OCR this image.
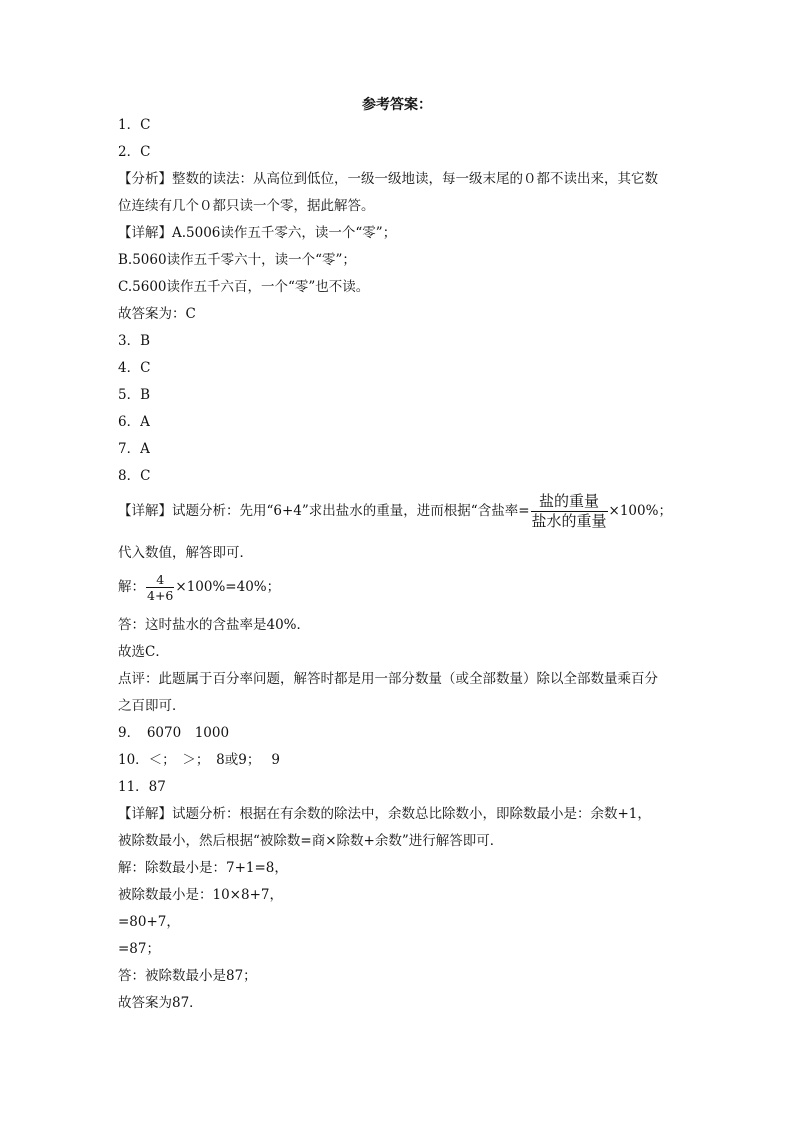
参考答案：
1．C
2．C
【分析】整数的读法：从高位到低位，一级一级地读，每一级末尾的０都不读出来，其它数
位连续有几个０都只读一个零，据此解答。
【详解】A.5006读作五千零六，读一个“零”；
B.5060读作五千零六十，读一个“零”；
C.5600读作五千六百，一个“零”也不读。
故答案为：C
3．B
4．C
5．B
6．A
7．A
8．C
【详解】试题分析：先用“6+4”求出盐水的重量，进而根据“含盐率= $\frac{\text{盐的重量}}{\text{盐水的重量}} \times 100\%$；
代入数值，解答即可．
解： $\frac{4}{4+6} \times 100\%=40\%$；
答：这时盐水的含盐率是40%．
故选C．
点评：此题属于百分率问题，解答时都是用一部分数量（或全部数量）除以全部数量乘百分
之百即可．
9．　6070　1000
10．＜；　＞；　8或9；　 9
11．87
【详解】试题分析：根据在有余数的除法中，余数总比除数小，即除数最小是：余数+1，
被除数最小，然后根据“被除数=商×除数+余数”进行解答即可．
解：除数最小是：7+1=8，
被除数最小是：10×8+7，
=80+7，
=87；
答：被除数最小是87；
故答案为87．
